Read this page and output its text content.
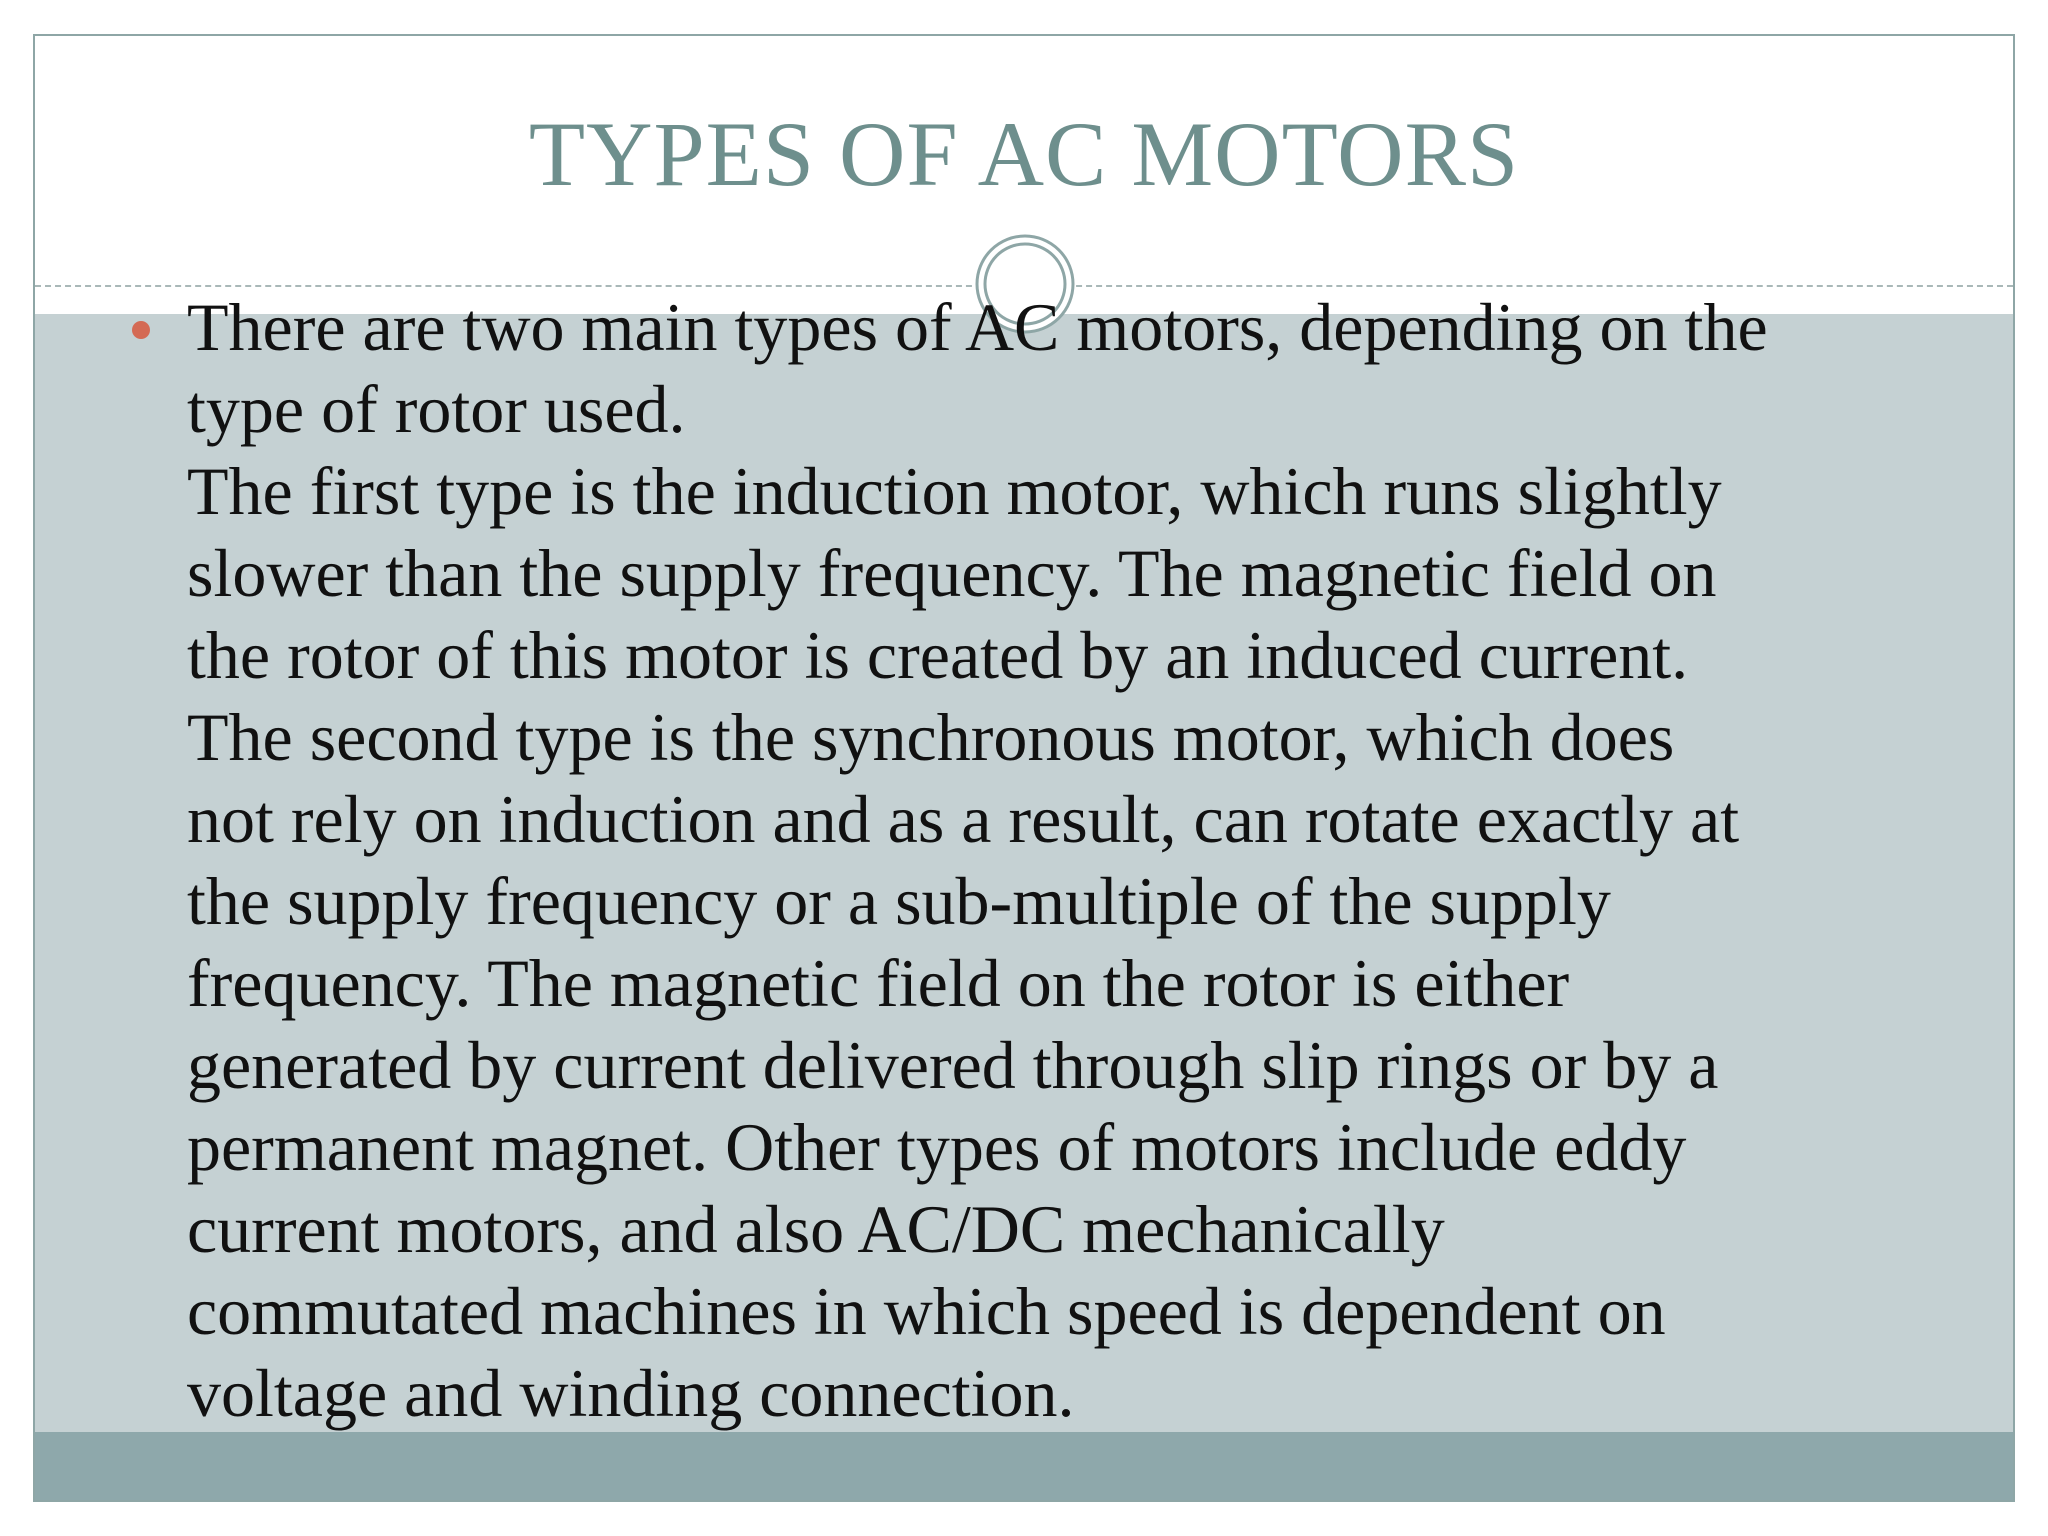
TYPES OF AC MOTORS
There are two main types of AC motors, depending on the
type of rotor used.
The first type is the induction motor, which runs slightly
slower than the supply frequency. The magnetic field on
the rotor of this motor is created by an induced current.
The second type is the synchronous motor, which does
not rely on induction and as a result, can rotate exactly at
the supply frequency or a sub-multiple of the supply
frequency. The magnetic field on the rotor is either
generated by current delivered through slip rings or by a
permanent magnet. Other types of motors include eddy
current motors, and also AC/DC mechanically
commutated machines in which speed is dependent on
voltage and winding connection.
